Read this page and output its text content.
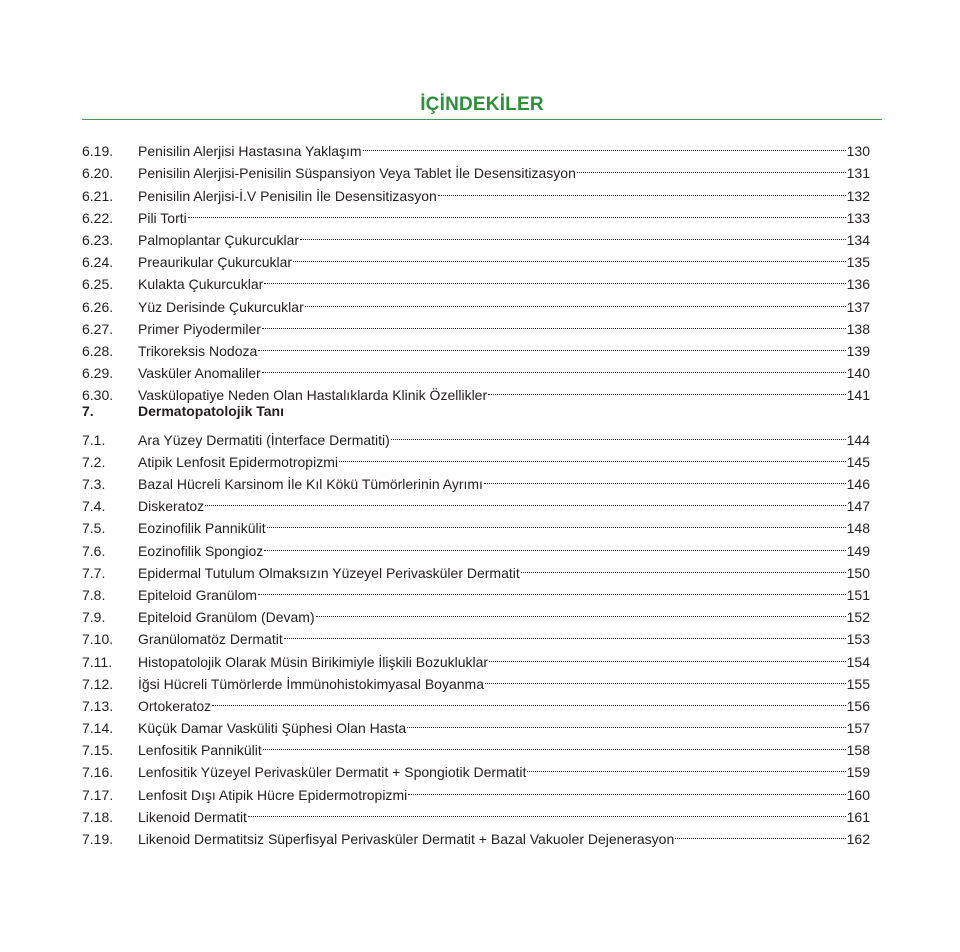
İÇİNDEKİLER
6.19.	Penisilin Alerjisi Hastasına Yaklaşım	130
6.20.	Penisilin Alerjisi-Penisilin Süspansiyon Veya Tablet İle Desensitizasyon	131
6.21.	Penisilin Alerjisi-İ.V Penisilin İle Desensitizasyon	132
6.22.	Pili Torti	133
6.23.	Palmoplantar Çukurcuklar	134
6.24.	Preaurikular Çukurcuklar	135
6.25.	Kulakta Çukurcuklar	136
6.26.	Yüz Derisinde Çukurcuklar	137
6.27.	Primer Piyodermiler	138
6.28.	Trikoreksis Nodoza	139
6.29.	Vasküler Anomaliler	140
6.30.	Vaskülopatiye Neden Olan Hastalıklarda Klinik Özellikler	141
7.	Dermatopatolojik Tanı
7.1.	Ara Yüzey Dermatiti (İnterface Dermatiti)	144
7.2.	Atipik Lenfosit Epidermotropizmi	145
7.3.	Bazal Hücreli Karsinom İle Kıl Kökü Tümörlerinin Ayrımı	146
7.4.	Diskeratoz	147
7.5.	Eozinofilik Pannikülit	148
7.6.	Eozinofilik Spongioz	149
7.7.	Epidermal Tutulum Olmaksızın Yüzeyel Perivasküler Dermatit	150
7.8.	Epiteloid Granülom	151
7.9.	Epiteloid Granülom (Devam)	152
7.10.	Granülomatöz Dermatit	153
7.11.	Histopatolojik Olarak Müsin Birikimiyle İlişkili Bozukluklar	154
7.12.	İğsi Hücreli Tümörlerde İmmünohistokimyasal Boyanma	155
7.13.	Ortokeratoz	156
7.14.	Küçük Damar Vasküliti Şüphesi Olan Hasta	157
7.15.	Lenfositik Pannikülit	158
7.16.	Lenfositik Yüzeyel Perivasküler Dermatit + Spongiotik Dermatit	159
7.17.	Lenfosit Dışı Atipik Hücre Epidermotropizmi	160
7.18.	Likenoid Dermatit	161
7.19.	Likenoid Dermatitsiz Süperfisyal Perivasküler Dermatit + Bazal Vakuoler Dejenerasyon	162
